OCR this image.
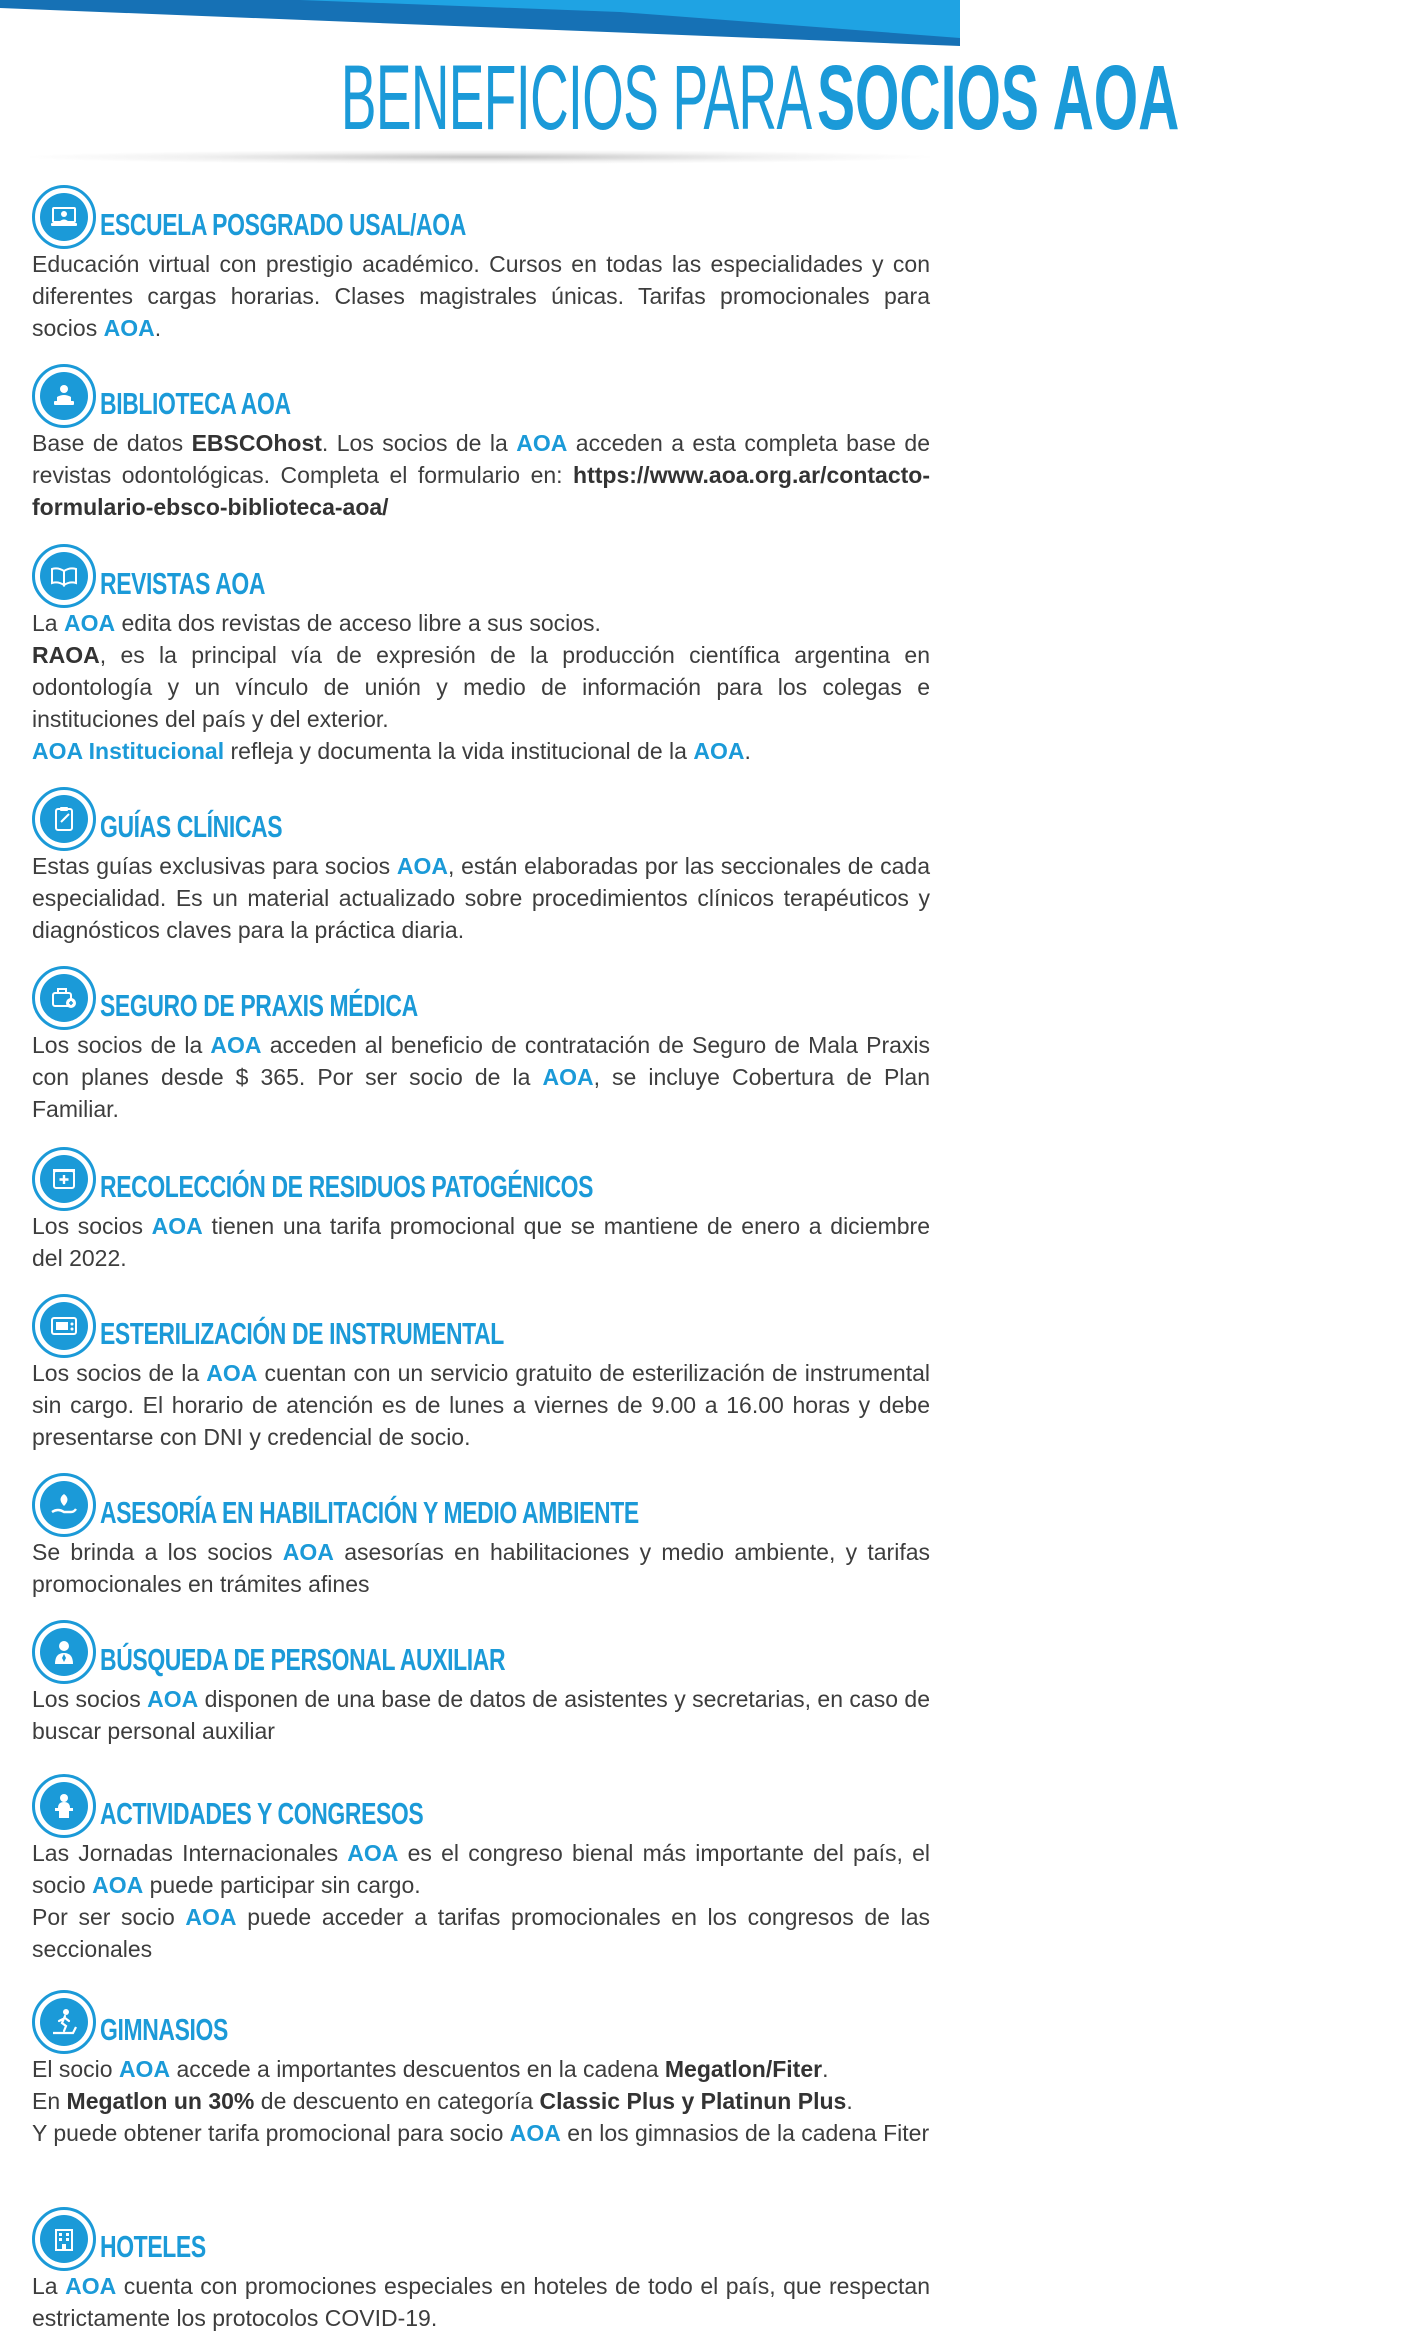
BENEFICIOS PARA SOCIOS AOA
ESCUELA POSGRADO USAL/AOA

Educación virtual con prestigio académico. Cursos en todas las especialidades y con diferentes cargas horarias. Clases magistrales únicas. Tarifas promocionales para socios AOA.

BIBLIOTECA AOA

Base de datos EBSCOhost. Los socios de la AOA acceden a esta completa base de revistas odontológicas. Completa el formulario en: https://www.aoa.org.ar/contacto-formulario-ebsco-biblioteca-aoa/

REVISTAS AOA

La AOA edita dos revistas de acceso libre a sus socios.

RAOA, es la principal vía de expresión de la producción científica argentina en odontología y un vínculo de unión y medio de información para los colegas e instituciones del país y del exterior.

AOA Institucional refleja y documenta la vida institucional de la AOA.

GUÍAS CLÍNICAS

Estas guías exclusivas para socios AOA, están elaboradas por las seccionales de cada especialidad. Es un material actualizado sobre procedimientos clínicos terapéuticos y diagnósticos claves para la práctica diaria.

SEGURO DE PRAXIS MÉDICA

Los socios de la AOA acceden al beneficio de contratación de Seguro de Mala Praxis con planes desde $ 365. Por ser socio de la AOA, se incluye Cobertura de Plan Familiar.

RECOLECCIÓN DE RESIDUOS PATOGÉNICOS

Los socios AOA tienen una tarifa promocional que se mantiene de enero a diciembre del 2022.

ESTERILIZACIÓN DE INSTRUMENTAL

Los socios de la AOA cuentan con un servicio gratuito de esterilización de instrumental sin cargo. El horario de atención es de lunes a viernes de 9.00 a 16.00 horas y debe presentarse con DNI y credencial de socio.

ASESORÍA EN HABILITACIÓN Y MEDIO AMBIENTE

Se brinda a los socios AOA asesorías en habilitaciones y medio ambiente, y tarifas promocionales en trámites afines

BÚSQUEDA DE PERSONAL AUXILIAR

Los socios AOA disponen de una base de datos de asistentes y secretarias, en caso de buscar personal auxiliar

ACTIVIDADES Y CONGRESOS

Las Jornadas Internacionales AOA es el congreso bienal más importante del país, el socio AOA puede participar sin cargo.

Por ser socio AOA puede acceder a tarifas promocionales en los congresos de las seccionales

GIMNASIOS

El socio AOA accede a importantes descuentos en la cadena Megatlon/Fiter.

En Megatlon un 30% de descuento en categoría Classic Plus y Platinun Plus.

Y puede obtener tarifa promocional para socio AOA en los gimnasios de la cadena Fiter

HOTELES

La AOA cuenta con promociones especiales en hoteles de todo el país, que respectan estrictamente los protocolos COVID-19.
